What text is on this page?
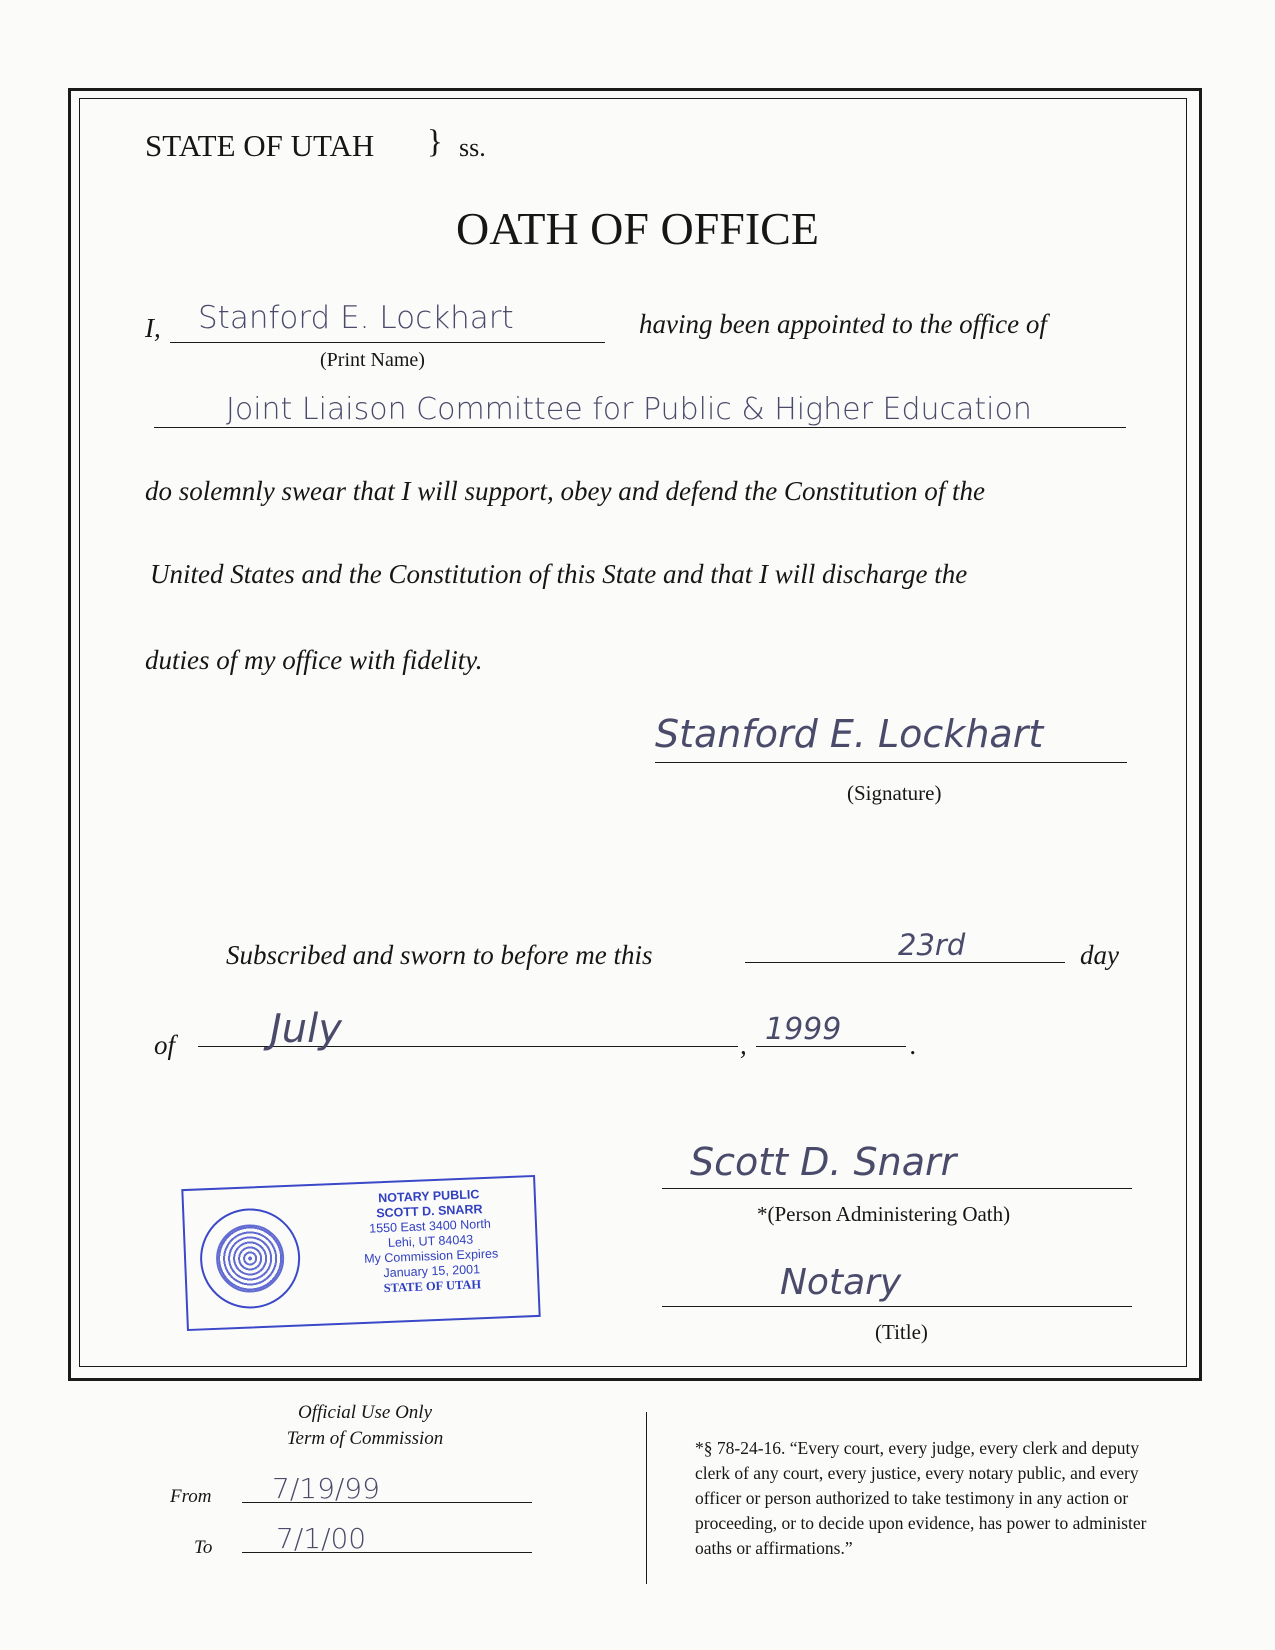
STATE OF UTAH } ss.
OATH OF OFFICE
I, Stanford E. Lockhart
(Print Name)
having been appointed to the office of
Joint Liaison Committee for Public & Higher Education
do solemnly swear that I will support, obey and defend the Constitution of the
United States and the Constitution of this State and that I will discharge the
duties of my office with fidelity.
Stanford E. Lockhart
(Signature)
Subscribed and sworn to before me this	23rd	day
of July	, 1999	.
Scott D. Snarr
*(Person Administering Oath)
Notary
(Title)
NOTARY PUBLIC
SCOTT D. SNARR
1550 East 3400 North
Lehi, UT 84043
My Commission Expires
January 15, 2001
STATE OF UTAH
Official Use Only
Term of Commission
From 7/19/99
To 7/1/00
*§ 78-24-16. “Every court, every judge, every clerk and deputy clerk of any court, every justice, every notary public, and every officer or person authorized to take testimony in any action or proceeding, or to decide upon evidence, has power to administer oaths or affirmations.”
